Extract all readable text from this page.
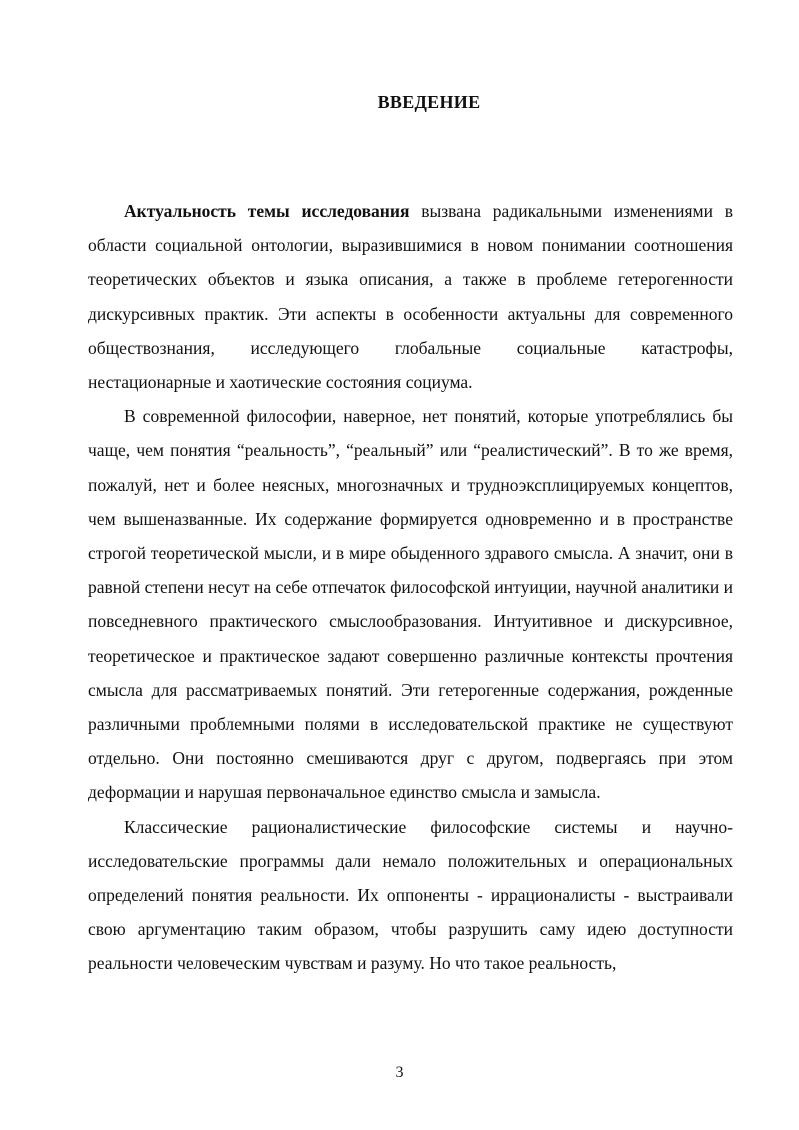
ВВЕДЕНИЕ

Актуальность темы исследования вызвана радикальными изменениями в области социальной онтологии, выразившимися в новом понимании соотношения теоретических объектов и языка описания, а также в проблеме гетерогенности дискурсивных практик. Эти аспекты в особенности актуальны для современного обществознания, исследующего глобальные социальные катастрофы, нестационарные и хаотические состояния социума.

В современной философии, наверное, нет понятий, которые употреблялись бы чаще, чем понятия “реальность”, “реальный” или “реалистический”. В то же время, пожалуй, нет и более неясных, многозначных и трудноэксплицируемых концептов, чем вышеназванные. Их содержание формируется одновременно и в пространстве строгой теоретической мысли, и в мире обыденного здравого смысла. А значит, они в равной степени несут на себе отпечаток философской интуиции, научной аналитики и повседневного практического смыслообразования. Интуитивное и дискурсивное, теоретическое и практическое задают совершенно различные контексты прочтения смысла для рассматриваемых понятий. Эти гетерогенные содержания, рожденные различными проблемными полями в исследовательской практике не существуют отдельно. Они постоянно смешиваются друг с другом, подвергаясь при этом деформации и нарушая первоначальное единство смысла и замысла.

Классические рационалистические философские системы и научно-исследовательские программы дали немало положительных и операциональных определений понятия реальности. Их оппоненты - иррационалисты - выстраивали свою аргументацию таким образом, чтобы разрушить саму идею доступности реальности человеческим чувствам и разуму. Но что такое реальность,

3
